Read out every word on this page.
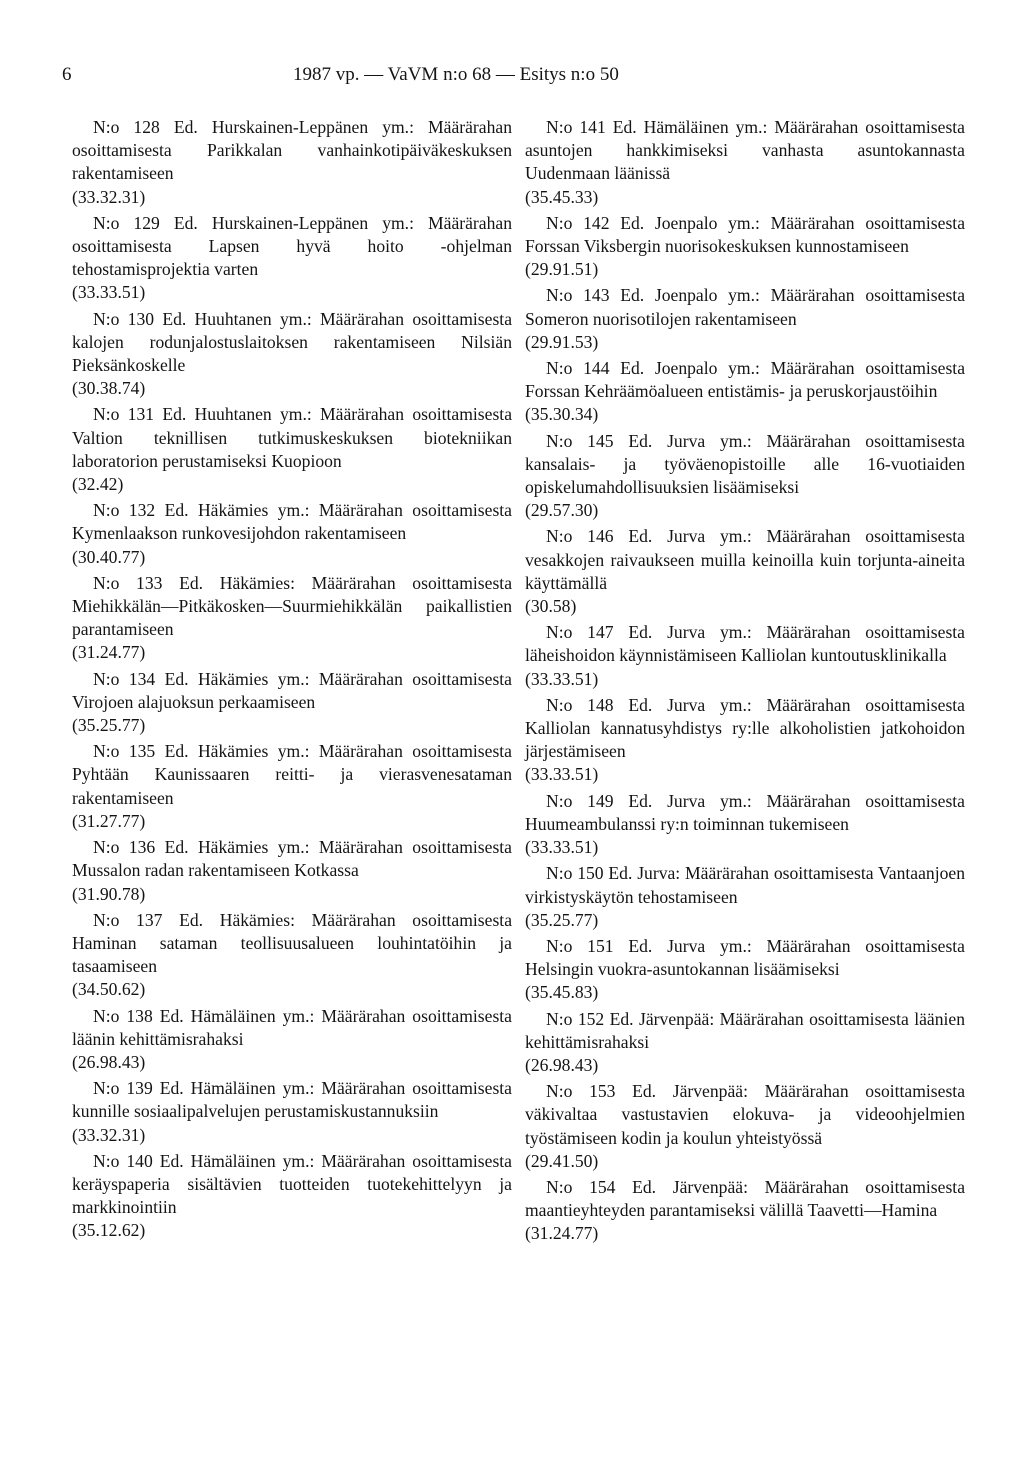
6	1987 vp. — VaVM n:o 68 — Esitys n:o 50
N:o 128 Ed. Hurskainen-Leppänen ym.: Määrärahan osoittamisesta Parikkalan vanhainkotipäiväkeskuksen rakentamiseen
(33.32.31)
N:o 129 Ed. Hurskainen-Leppänen ym.: Määrärahan osoittamisesta Lapsen hyvä hoito -ohjelman tehostamisprojektia varten
(33.33.51)
N:o 130 Ed. Huuhtanen ym.: Määrärahan osoittamisesta kalojen rodunjalostuslaitoksen rakentamiseen Nilsiän Pieksänkoskelle
(30.38.74)
N:o 131 Ed. Huuhtanen ym.: Määrärahan osoittamisesta Valtion teknillisen tutkimuskeskuksen biotekniikan laboratorion perustamiseksi Kuopioon
(32.42)
N:o 132 Ed. Häkämies ym.: Määrärahan osoittamisesta Kymenlaakson runkovesijohdon rakentamiseen
(30.40.77)
N:o 133 Ed. Häkämies: Määrärahan osoittamisesta Miehikkälän—Pitkäkosken—Suurmiehikkälän paikallistien parantamiseen
(31.24.77)
N:o 134 Ed. Häkämies ym.: Määrärahan osoittamisesta Virojoen alajuoksun perkaamiseen
(35.25.77)
N:o 135 Ed. Häkämies ym.: Määrärahan osoittamisesta Pyhtään Kaunissaaren reitti- ja vierasvenesataman rakentamiseen
(31.27.77)
N:o 136 Ed. Häkämies ym.: Määrärahan osoittamisesta Mussalon radan rakentamiseen Kotkassa
(31.90.78)
N:o 137 Ed. Häkämies: Määrärahan osoittamisesta Haminan sataman teollisuusalueen louhintatöihin ja tasaamiseen
(34.50.62)
N:o 138 Ed. Hämäläinen ym.: Määrärahan osoittamisesta läänin kehittämisrahaksi
(26.98.43)
N:o 139 Ed. Hämäläinen ym.: Määrärahan osoittamisesta kunnille sosiaalipalvelujen perustamiskustannuksiin
(33.32.31)
N:o 140 Ed. Hämäläinen ym.: Määrärahan osoittamisesta keräyspaperia sisältävien tuotteiden tuotekehittelyyn ja markkinointiin
(35.12.62)
N:o 141 Ed. Hämäläinen ym.: Määrärahan osoittamisesta asuntojen hankkimiseksi vanhasta asuntokannasta Uudenmaan läänissä
(35.45.33)
N:o 142 Ed. Joenpalo ym.: Määrärahan osoittamisesta Forssan Viksbergin nuorisokeskuksen kunnostamiseen
(29.91.51)
N:o 143 Ed. Joenpalo ym.: Määrärahan osoittamisesta Someron nuorisotilojen rakentamiseen
(29.91.53)
N:o 144 Ed. Joenpalo ym.: Määrärahan osoittamisesta Forssan Kehräämöalueen entistämis- ja peruskorjaustöihin
(35.30.34)
N:o 145 Ed. Jurva ym.: Määrärahan osoittamisesta kansalais- ja työväenopistoille alle 16-vuotiaiden opiskelumahdollisuuksien lisäämiseksi
(29.57.30)
N:o 146 Ed. Jurva ym.: Määrärahan osoittamisesta vesakkojen raivaukseen muilla keinoilla kuin torjunta-aineita käyttämällä
(30.58)
N:o 147 Ed. Jurva ym.: Määrärahan osoittamisesta läheishoidon käynnistämiseen Kalliolan kuntoutusklinikalla
(33.33.51)
N:o 148 Ed. Jurva ym.: Määrärahan osoittamisesta Kalliolan kannatusyhdistys ry:lle alkoholistien jatkohoidon järjestämiseen
(33.33.51)
N:o 149 Ed. Jurva ym.: Määrärahan osoittamisesta Huumeambulanssi ry:n toiminnan tukemiseen
(33.33.51)
N:o 150 Ed. Jurva: Määrärahan osoittamisesta Vantaanjoen virkistyskäytön tehostamiseen
(35.25.77)
N:o 151 Ed. Jurva ym.: Määrärahan osoittamisesta Helsingin vuokra-asuntokannan lisäämiseksi
(35.45.83)
N:o 152 Ed. Järvenpää: Määrärahan osoittamisesta läänien kehittämisrahaksi
(26.98.43)
N:o 153 Ed. Järvenpää: Määrärahan osoittamisesta väkivaltaa vastustavien elokuva- ja videoohjelmien työstämiseen kodin ja koulun yhteistyössä
(29.41.50)
N:o 154 Ed. Järvenpää: Määrärahan osoittamisesta maantieyhteyden parantamiseksi välillä Taavetti—Hamina
(31.24.77)
